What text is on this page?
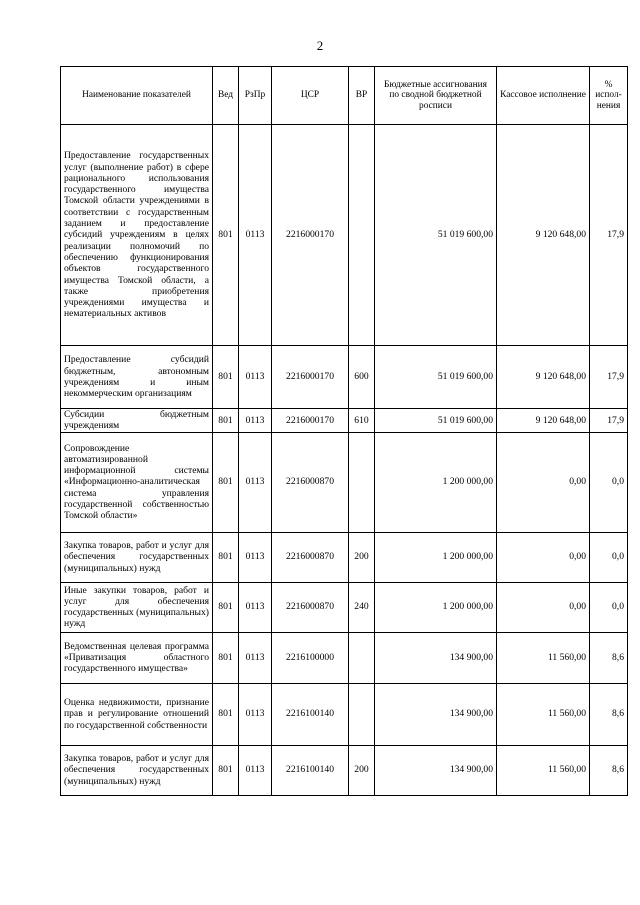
2
Наименование показателей	Вед	РзПр	ЦСР	ВР	Бюджетные ассигнования по сводной бюджетной росписи	Кассовое исполнение	% испол-нения
Предоставление государственных услуг (выполнение работ) в сфере рационального использования государственного имущества Томской области учреждениями в соответствии с государственным заданием и предоставление субсидий учреждениям в целях реализации полномочий по обеспечению функционирования объектов государственного имущества Томской области, а также приобретения учреждениями имущества и нематериальных активов	801	0113	2216000170		51 019 600,00	9 120 648,00	17,9
Предоставление субсидий бюджетным, автономным учреждениям и иным некоммерческим организациям	801	0113	2216000170	600	51 019 600,00	9 120 648,00	17,9
Субсидии бюджетным учреждениям	801	0113	2216000170	610	51 019 600,00	9 120 648,00	17,9
Сопровождение автоматизированной информационной системы «Информационно-аналитическая система управления государственной собственностью Томской области»	801	0113	2216000870		1 200 000,00	0,00	0,0
Закупка товаров, работ и услуг для обеспечения государственных (муниципальных) нужд	801	0113	2216000870	200	1 200 000,00	0,00	0,0
Иные закупки товаров, работ и услуг для обеспечения государственных (муниципальных) нужд	801	0113	2216000870	240	1 200 000,00	0,00	0,0
Ведомственная целевая программа «Приватизация областного государственного имущества»	801	0113	2216100000		134 900,00	11 560,00	8,6
Оценка недвижимости, признание прав и регулирование отношений по государственной собственности	801	0113	2216100140		134 900,00	11 560,00	8,6
Закупка товаров, работ и услуг для обеспечения государственных (муниципальных) нужд	801	0113	2216100140	200	134 900,00	11 560,00	8,6
